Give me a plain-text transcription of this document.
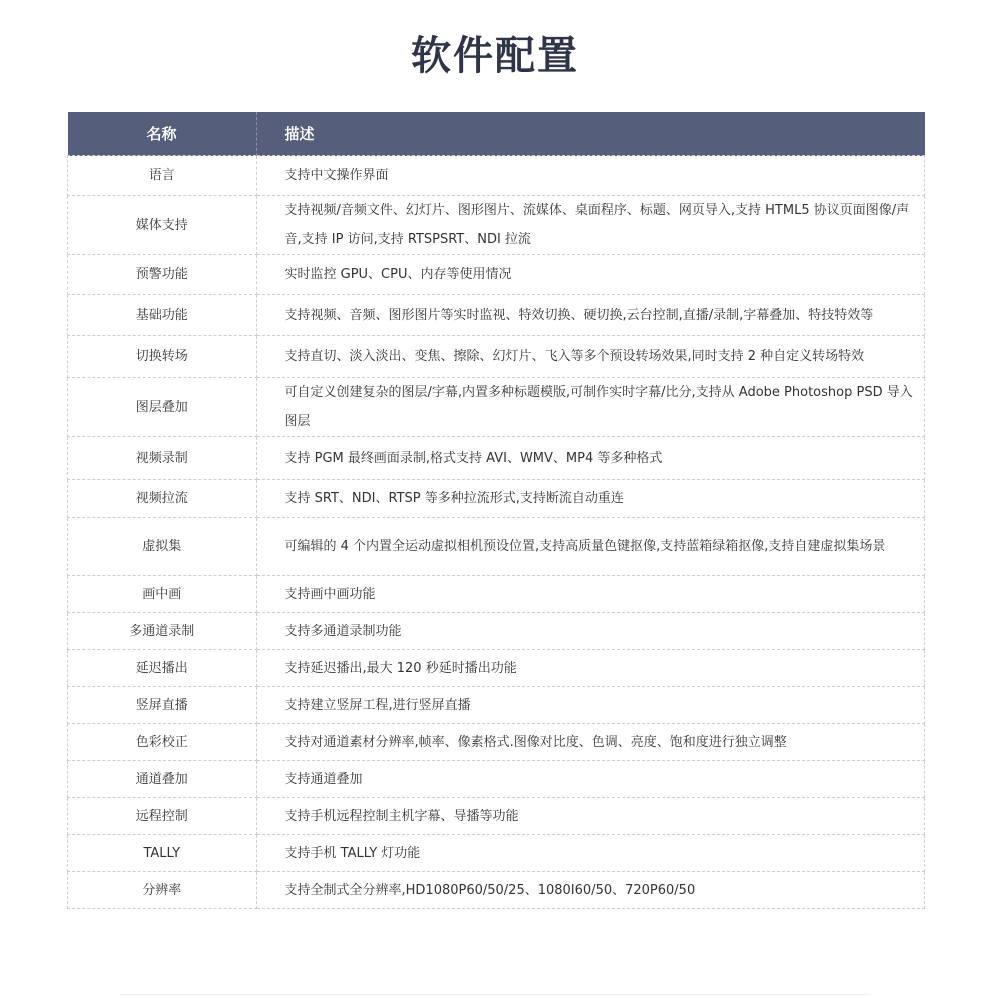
软件配置
名称	描述
语言	支持中文操作界面
媒体支持	支持视频/音频文件、幻灯片、图形图片、流媒体、桌面程序、标题、网页导入,支持 HTML5 协议页面图像/声音,支持 IP 访问,支持 RTSPSRT、NDI 拉流
预警功能	实时监控 GPU、CPU、内存等使用情况
基础功能	支持视频、音频、图形图片等实时监视、特效切换、硬切换,云台控制,直播/录制,字幕叠加、特技特效等
切换转场	支持直切、淡入淡出、变焦、擦除、幻灯片、飞入等多个预设转场效果,同时支持 2 种自定义转场特效
图层叠加	可自定义创建复杂的图层/字幕,内置多种标题模版,可制作实时字幕/比分,支持从 Adobe Photoshop PSD 导入图层
视频录制	支持 PGM 最终画面录制,格式支持 AVI、WMV、MP4 等多种格式
视频拉流	支持 SRT、NDI、RTSP 等多种拉流形式,支持断流自动重连
虚拟集	可编辑的 4 个内置全运动虚拟相机预设位置,支持高质量色键抠像,支持蓝箱绿箱抠像,支持自建虚拟集场景
画中画	支持画中画功能
多通道录制	支持多通道录制功能
延迟播出	支持延迟播出,最大 120 秒延时播出功能
竖屏直播	支持建立竖屏工程,进行竖屏直播
色彩校正	支持对通道素材分辨率,帧率、像素格式.图像对比度、色调、亮度、饱和度进行独立调整
通道叠加	支持通道叠加
远程控制	支持手机远程控制主机字幕、导播等功能
TALLY	支持手机 TALLY 灯功能
分辨率	支持全制式全分辨率,HD1080P60/50/25、1080I60/50、720P60/50
